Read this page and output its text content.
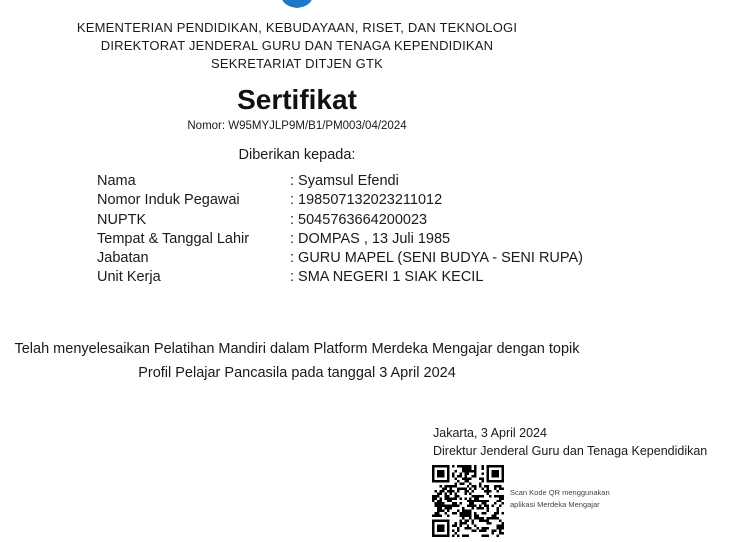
KEMENTERIAN PENDIDIKAN, KEBUDAYAAN, RISET, DAN TEKNOLOGI
DIREKTORAT JENDERAL GURU DAN TENAGA KEPENDIDIKAN
SEKRETARIAT DITJEN GTK
Sertifikat
Nomor: W95MYJLP9M/B1/PM003/04/2024
Diberikan kepada:
Nama	: Syamsul Efendi
Nomor Induk Pegawai	: 198507132023211012
NUPTK	: 5045763664200023
Tempat & Tanggal Lahir	: DOMPAS , 13 Juli 1985
Jabatan	: GURU MAPEL (SENI BUDYA - SENI RUPA)
Unit Kerja	: SMA NEGERI 1 SIAK KECIL
Telah menyelesaikan Pelatihan Mandiri dalam Platform Merdeka Mengajar dengan topik
Profil Pelajar Pancasila pada tanggal 3 April 2024
Jakarta, 3 April 2024
Direktur Jenderal Guru dan Tenaga Kependidikan
Scan Kode QR menggunakan
aplikasi Merdeka Mengajar
